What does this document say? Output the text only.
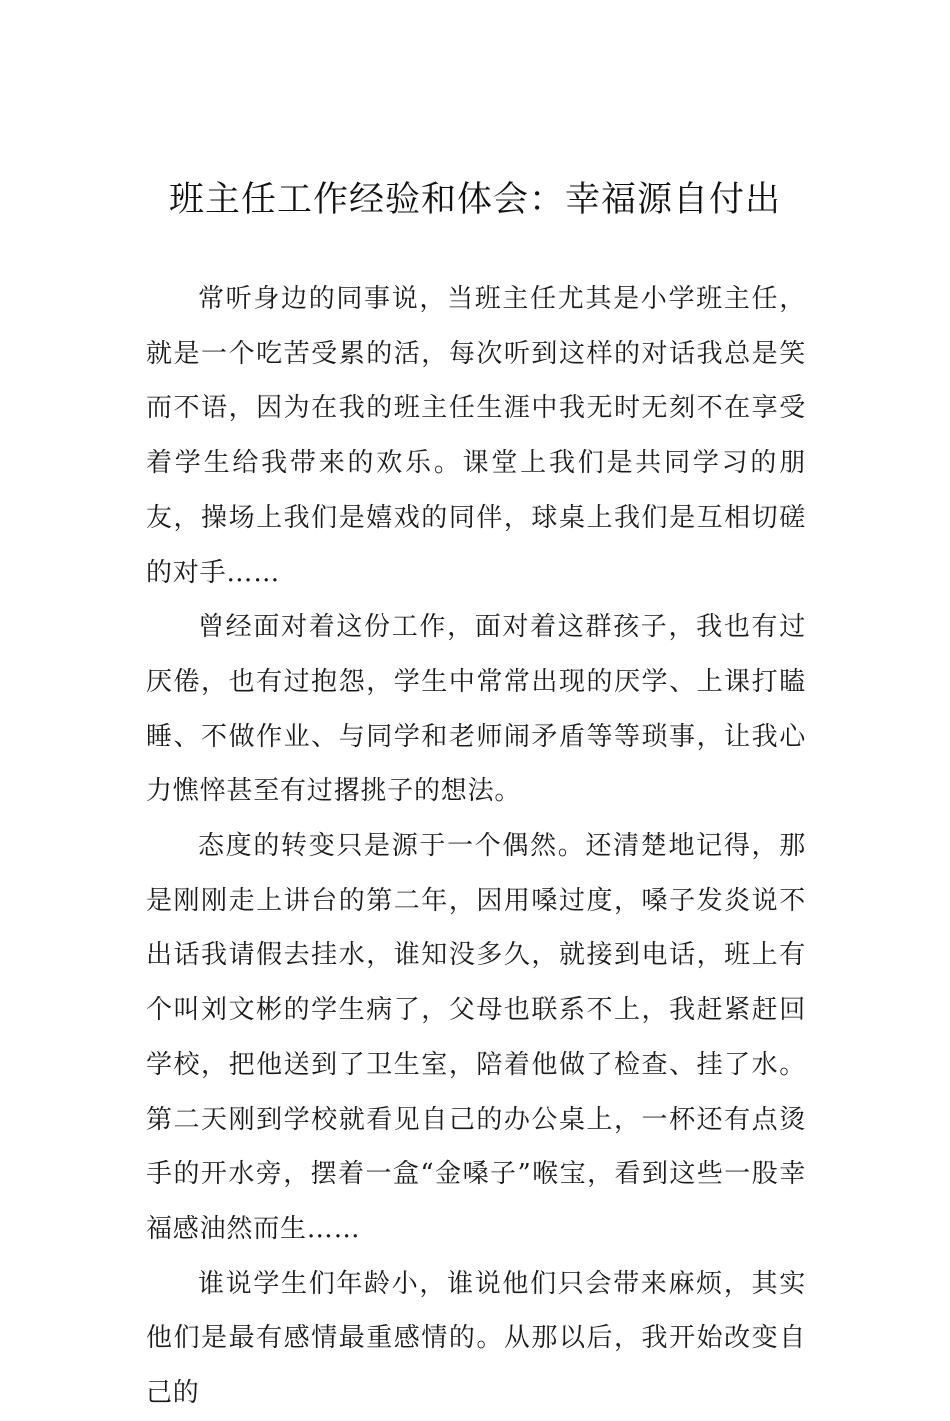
班主任工作经验和体会：幸福源自付出

常听身边的同事说，当班主任尤其是小学班主任，就是一个吃苦受累的活，每次听到这样的对话我总是笑而不语，因为在我的班主任生涯中我无时无刻不在享受着学生给我带来的欢乐。课堂上我们是共同学习的朋友，操场上我们是嬉戏的同伴，球桌上我们是互相切磋的对手……

曾经面对着这份工作，面对着这群孩子，我也有过厌倦，也有过抱怨，学生中常常出现的厌学、上课打瞌睡、不做作业、与同学和老师闹矛盾等等琐事，让我心力憔悴甚至有过撂挑子的想法。

态度的转变只是源于一个偶然。还清楚地记得，那是刚刚走上讲台的第二年，因用嗓过度，嗓子发炎说不出话我请假去挂水，谁知没多久，就接到电话，班上有个叫刘文彬的学生病了，父母也联系不上，我赶紧赶回学校，把他送到了卫生室，陪着他做了检查、挂了水。第二天刚到学校就看见自己的办公桌上，一杯还有点烫手的开水旁，摆着一盒“金嗓子”喉宝，看到这些一股幸福感油然而生……

谁说学生们年龄小，谁说他们只会带来麻烦，其实他们是最有感情最重感情的。从那以后，我开始改变自己的
